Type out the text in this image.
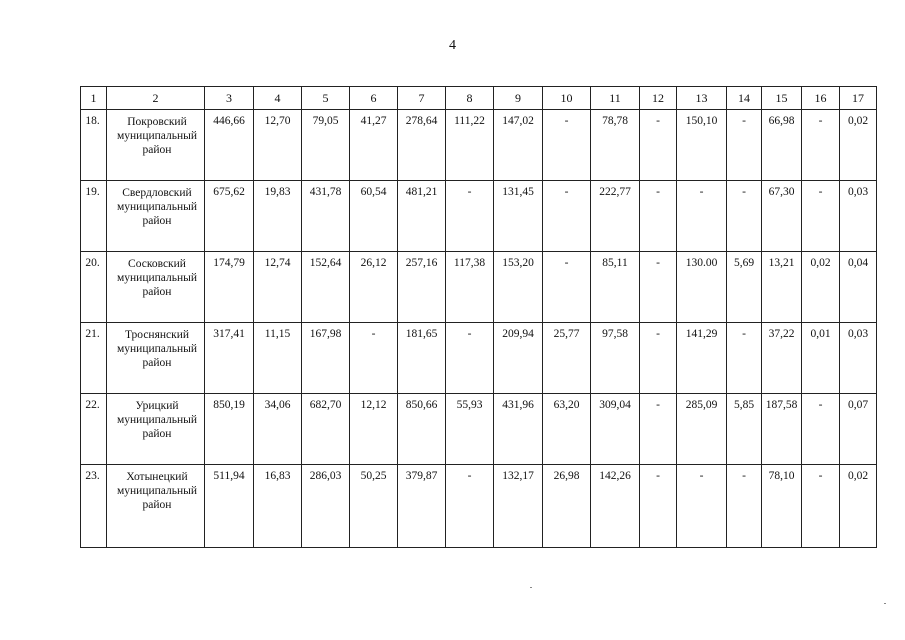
4
1	2	3	4	5	6	7	8	9	10	11	12	13	14	15	16	17
18.	Покровский
муниципальный
район	446,66	12,70	79,05	41,27	278,64	111,22	147,02	-	78,78	-	150,10	-	66,98	-	0,02
19.	Свердловский
муниципальный
район	675,62	19,83	431,78	60,54	481,21	-	131,45	-	222,77	-	-	-	67,30	-	0,03
20.	Сосковский
муниципальный
район	174,79	12,74	152,64	26,12	257,16	117,38	153,20	-	85,11	-	130.00	5,69	13,21	0,02	0,04
21.	Троснянский
муниципальный
район	317,41	11,15	167,98	-	181,65	-	209,94	25,77	97,58	-	141,29	-	37,22	0,01	0,03
22.	Урицкий
муниципальный
район	850,19	34,06	682,70	12,12	850,66	55,93	431,96	63,20	309,04	-	285,09	5,85	187,58	-	0,07
23.	Хотынецкий
муниципальный
район	511,94	16,83	286,03	50,25	379,87	-	132,17	26,98	142,26	-	-	-	78,10	-	0,02
